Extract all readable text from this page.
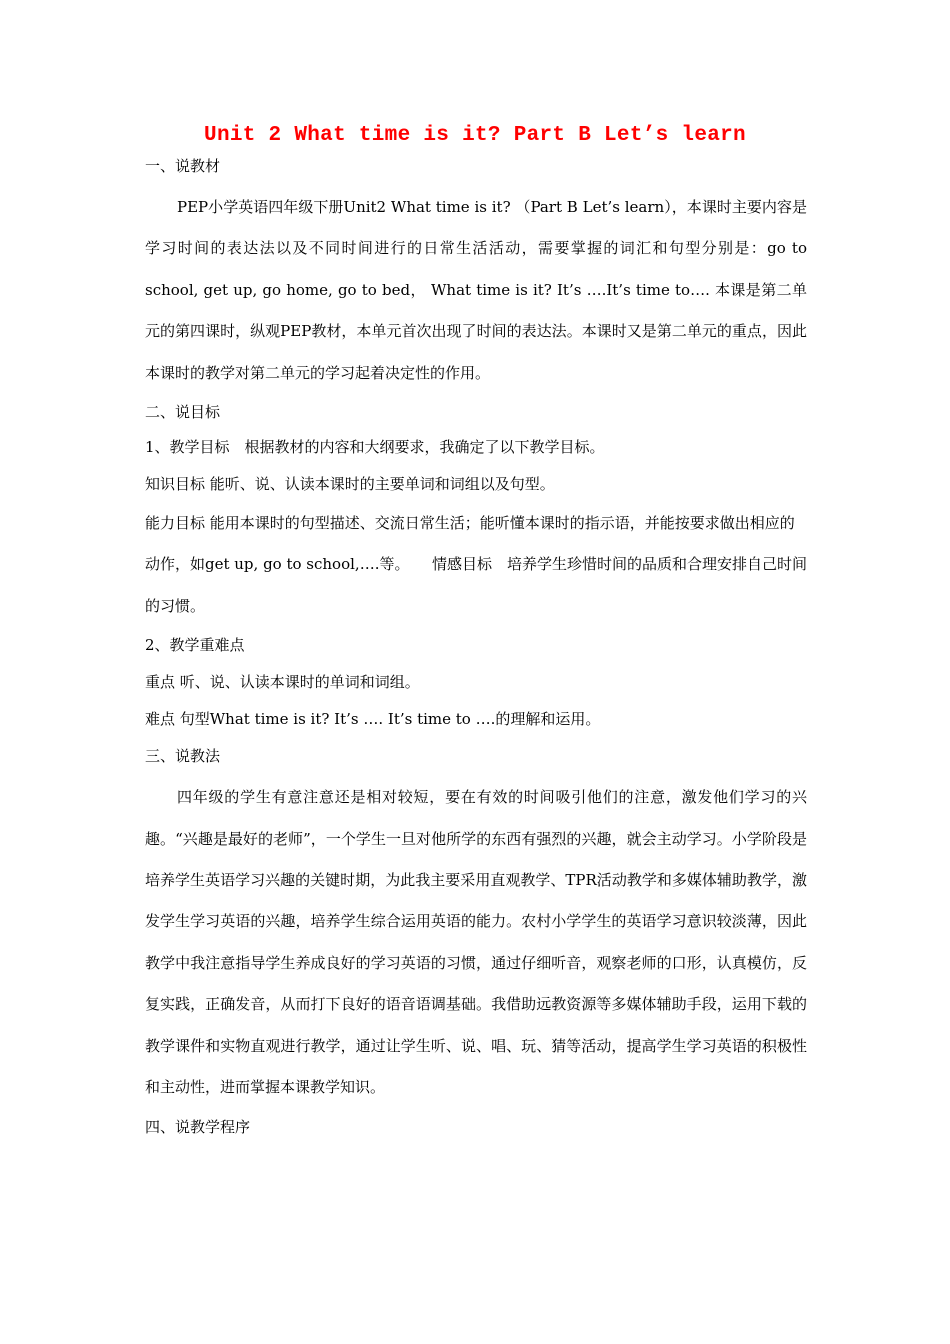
Unit 2 What time is it? Part B Let’s learn

一、说教材

PEP小学英语四年级下册Unit2 What time is it? （Part B Let’s learn），本课时主要内容是学习时间的表达法以及不同时间进行的日常生活活动，需要掌握的词汇和句型分别是：go to school, get up, go home, go to bed， What time is it? It’s ….It’s time to…. 本课是第二单元的第四课时，纵观PEP教材，本单元首次出现了时间的表达法。本课时又是第二单元的重点，因此本课时的教学对第二单元的学习起着决定性的作用。

二、说目标

1、教学目标　根据教材的内容和大纲要求，我确定了以下教学目标。

知识目标 能听、说、认读本课时的主要单词和词组以及句型。

能力目标 能用本课时的句型描述、交流日常生活；能听懂本课时的指示语，并能按要求做出相应的动作，如get up, go to school,….等。　　情感目标　培养学生珍惜时间的品质和合理安排自己时间的习惯。

2、教学重难点

重点 听、说、认读本课时的单词和词组。

难点 句型What time is it? It’s …. It’s time to ….的理解和运用。

三、说教法

四年级的学生有意注意还是相对较短，要在有效的时间吸引他们的注意，激发他们学习的兴趣。“兴趣是最好的老师”，一个学生一旦对他所学的东西有强烈的兴趣，就会主动学习。小学阶段是培养学生英语学习兴趣的关键时期，为此我主要采用直观教学、TPR活动教学和多媒体辅助教学，激发学生学习英语的兴趣，培养学生综合运用英语的能力。农村小学学生的英语学习意识较淡薄，因此教学中我注意指导学生养成良好的学习英语的习惯，通过仔细听音，观察老师的口形，认真模仿，反复实践，正确发音，从而打下良好的语音语调基础。我借助远教资源等多媒体辅助手段，运用下载的教学课件和实物直观进行教学，通过让学生听、说、唱、玩、猜等活动，提高学生学习英语的积极性和主动性，进而掌握本课教学知识。

四、说教学程序
